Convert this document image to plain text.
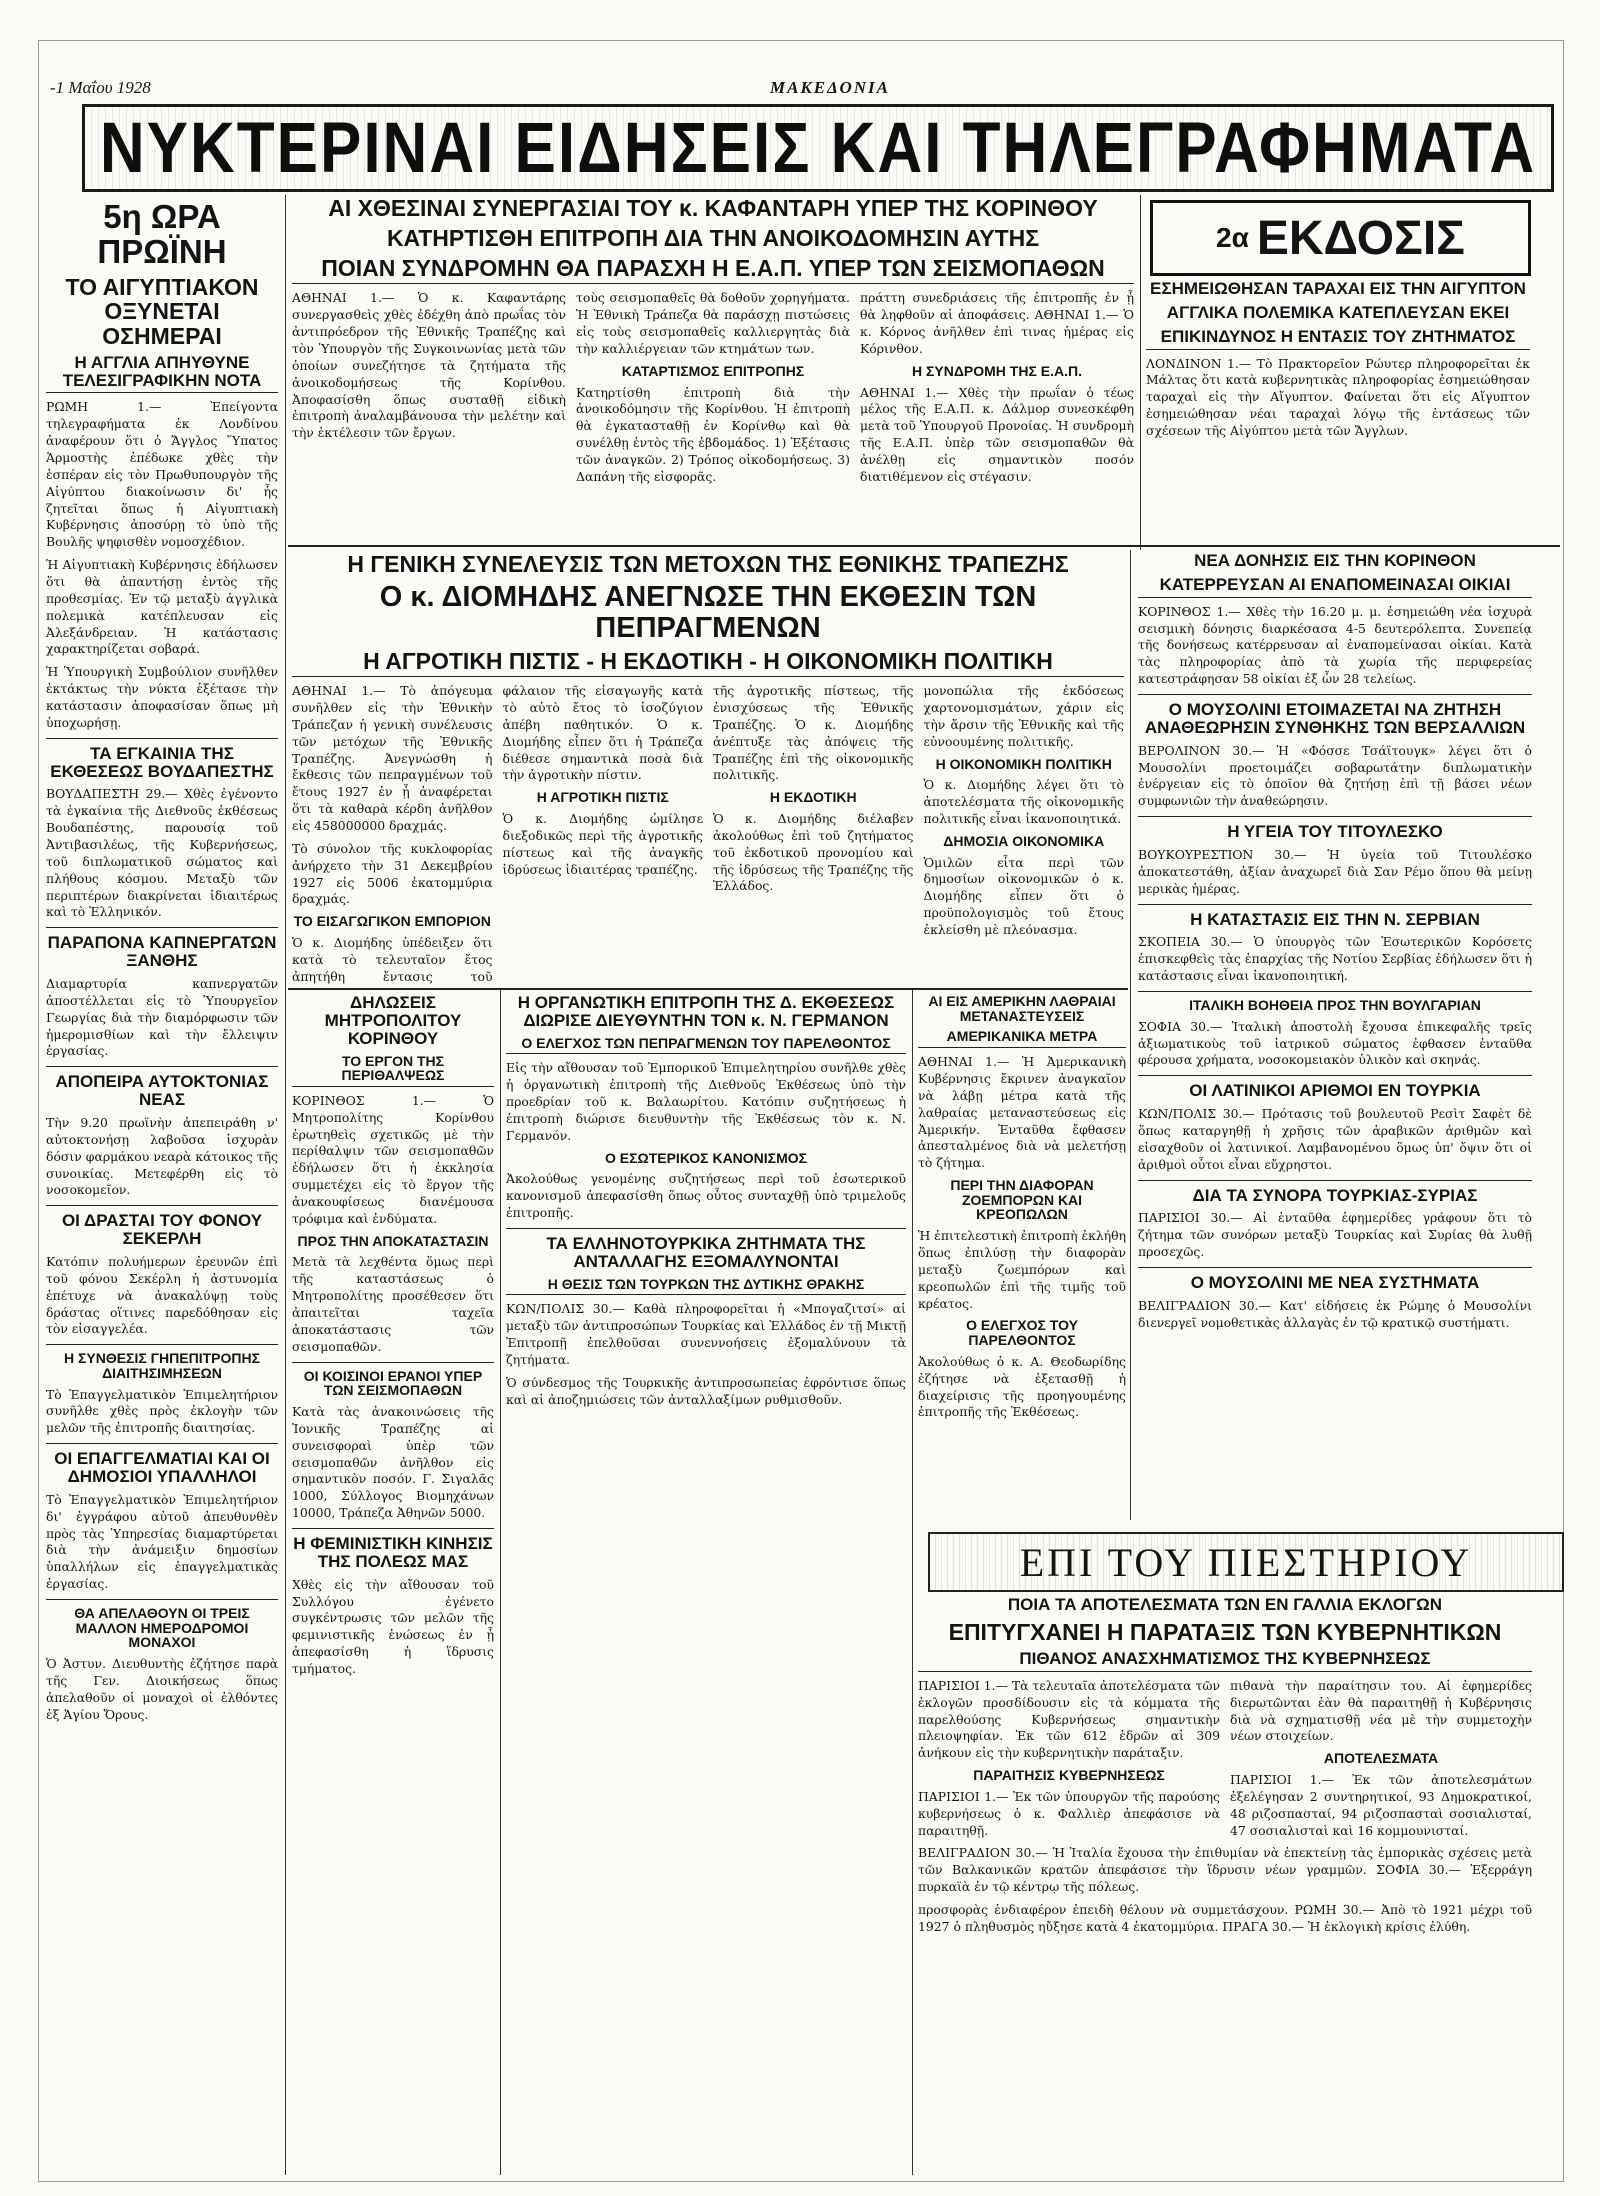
-1 Μαΐου 1928	ΜΑΚΕΔΟΝΙΑ
ΝΥΚΤΕΡΙΝΑΙ ΕΙΔΗΣΕΙΣ ΚΑΙ ΤΗΛΕΓΡΑΦΗΜΑΤΑ
5η ΩΡΑ ΠΡΩΪΝΗ
ΤΟ ΑΙΓΥΠΤΙΑΚΟΝ ΟΞΥΝΕΤΑΙ ΟΣΗΜΕΡΑΙ
Η ΑΓΓΛΙΑ ΑΠΗΥΘΥΝΕ ΤΕΛΕΣΙΓΡΑΦΙΚΗΝ ΝΟΤΑ

ΡΩΜΗ 1.— Ἐπείγοντα τηλεγραφήματα ἐκ Λονδίνου ἀναφέρουν ὅτι ὁ Ἄγγλος Ὕπατος Ἁρμοστὴς ἐπέδωκε χθὲς τὴν ἑσπέραν εἰς τὸν Πρωθυπουργὸν τῆς Αἰγύπτου διακοίνωσιν δι' ἧς ζητεῖται ὅπως ἡ Αἰγυπτιακὴ Κυβέρνησις ἀποσύρῃ τὸ ὑπὸ τῆς Βουλῆς ψηφισθὲν νομοσχέδιον.

Ἡ Αἰγυπτιακὴ Κυβέρνησις ἐδήλωσεν ὅτι θὰ ἀπαντήσῃ ἐντὸς τῆς προθεσμίας. Ἐν τῷ μεταξὺ ἀγγλικὰ πολεμικὰ κατέπλευσαν εἰς Ἀλεξάνδρειαν. Ἡ κατάστασις χαρακτηρίζεται σοβαρά.

Ἡ Ὑπουργικὴ Συμβούλιον συνῆλθεν ἐκτάκτως τὴν νύκτα ἐξέτασε τὴν κατάστασιν ἀποφασίσαν ὅπως μὴ ὑποχωρήσῃ.

ΤΑ ΕΓΚΑΙΝΙΑ ΤΗΣ ΕΚΘΕΣΕΩΣ ΒΟΥΔΑΠΕΣΤΗΣ

ΒΟΥΔΑΠΕΣΤΗ 29.— Χθὲς ἐγένοντο τὰ ἐγκαίνια τῆς Διεθνοῦς ἐκθέσεως Βουδαπέστης, παρουσίᾳ τοῦ Ἀντιβασιλέως, τῆς Κυβερνήσεως, τοῦ διπλωματικοῦ σώματος καὶ πλήθους κόσμου. Μεταξὺ τῶν περιπτέρων διακρίνεται ἰδιαιτέρως καὶ τὸ Ἑλληνικόν.

ΠΑΡΑΠΟΝΑ ΚΑΠΝΕΡΓΑΤΩΝ ΞΑΝΘΗΣ

Διαμαρτυρία καπνεργατῶν ἀποστέλλεται εἰς τὸ Ὑπουργεῖον Γεωργίας διὰ τὴν διαμόρφωσιν τῶν ἡμερομισθίων καὶ τὴν ἔλλειψιν ἐργασίας.

ΑΠΟΠΕΙΡΑ ΑΥΤΟΚΤΟΝΙΑΣ ΝΕΑΣ

Τὴν 9.20 πρωϊνὴν ἀπεπειράθη ν' αὐτοκτονήσῃ λαβοῦσα ἰσχυρὰν δόσιν φαρμάκου νεαρὰ κάτοικος τῆς συνοικίας. Μετεφέρθη εἰς τὸ νοσοκομεῖον.

ΟΙ ΔΡΑΣΤΑΙ ΤΟΥ ΦΟΝΟΥ ΣΕΚΕΡΛΗ

Κατόπιν πολυήμερων ἐρευνῶν ἐπὶ τοῦ φόνου Σεκέρλη ἡ ἀστυνομία ἐπέτυχε νὰ ἀνακαλύψῃ τοὺς δράστας οἵτινες παρεδόθησαν εἰς τὸν εἰσαγγελέα.

Η ΣΥΝΘΕΣΙΣ ΓΗΠΕΠΙΤΡΟΠΗΣ ΔΙΑΙΤΗΣΙΜΗΣΕΩΝ

Τὸ Ἐπαγγελματικὸν Ἐπιμελητήριον συνῆλθε χθὲς πρὸς ἐκλογὴν τῶν μελῶν τῆς ἐπιτροπῆς διαιτησίας.

ΟΙ ΕΠΑΓΓΕΛΜΑΤΙΑΙ ΚΑΙ ΟΙ ΔΗΜΟΣΙΟΙ ΥΠΑΛΛΗΛΟΙ

Τὸ Ἐπαγγελματικὸν Ἐπιμελητήριον δι' ἐγγράφου αὐτοῦ ἀπευθυνθὲν πρὸς τὰς Ὑπηρεσίας διαμαρτύρεται διὰ τὴν ἀνάμειξιν δημοσίων ὑπαλλήλων εἰς ἐπαγγελματικὰς ἐργασίας.

ΘΑ ΑΠΕΛΑΘΟΥΝ ΟΙ ΤΡΕΙΣ ΜΑΛΛΟΝ ΗΜΕΡΟΔΡΟΜΟΙ ΜΟΝΑΧΟΙ

Ὁ Ἀστυν. Διευθυντὴς ἐζήτησε παρὰ τῆς Γεν. Διοικήσεως ὅπως ἀπελαθοῦν οἱ μοναχοὶ οἱ ἐλθόντες ἐξ Ἁγίου Ὄρους.

ΑΙ ΧΘΕΣΙΝΑΙ ΣΥΝΕΡΓΑΣΙΑΙ ΤΟΥ κ. ΚΑΦΑΝΤΑΡΗ ΥΠΕΡ ΤΗΣ ΚΟΡΙΝΘΟΥ
ΚΑΤΗΡΤΙΣΘΗ ΕΠΙΤΡΟΠΗ ΔΙΑ ΤΗΝ ΑΝΟΙΚΟΔΟΜΗΣΙΝ ΑΥΤΗΣ
ΠΟΙΑΝ ΣΥΝΔΡΟΜΗΝ ΘΑ ΠΑΡΑΣΧΗ Η Ε.Α.Π. ΥΠΕΡ ΤΩΝ ΣΕΙΣΜΟΠΑΘΩΝ

ΑΘΗΝΑΙ 1.— Ὁ κ. Καφαντάρης συνεργασθεὶς χθὲς ἐδέχθη ἀπὸ πρωΐας τὸν ἀντιπρόεδρον τῆς Ἐθνικῆς Τραπέζης καὶ τὸν Ὑπουργὸν τῆς Συγκοινωνίας μετὰ τῶν ὁποίων συνεζήτησε τὰ ζητήματα τῆς ἀνοικοδομήσεως τῆς Κορίνθου. Ἀποφασίσθη ὅπως συσταθῇ εἰδικὴ ἐπιτροπὴ ἀναλαμβάνουσα τὴν μελέτην καὶ τὴν ἐκτέλεσιν τῶν ἔργων.

τοὺς σεισμοπαθεῖς θὰ δοθοῦν χορηγήματα. Ἡ Ἐθνικὴ Τράπεζα θὰ παράσχῃ πιστώσεις εἰς τοὺς σεισμοπαθεῖς καλλιεργητὰς διὰ τὴν καλλιέργειαν τῶν κτημάτων των.

ΚΑΤΑΡΤΙΣΜΟΣ ΕΠΙΤΡΟΠΗΣ

Κατηρτίσθη ἐπιτροπὴ διὰ τὴν ἀνοικοδόμησιν τῆς Κορίνθου. Ἡ ἐπιτροπὴ θὰ ἐγκατασταθῇ ἐν Κορίνθῳ καὶ θὰ συνέλθῃ ἐντὸς τῆς ἑβδομάδος. 1) Ἐξέτασις τῶν ἀναγκῶν. 2) Τρόπος οἰκοδομήσεως. 3) Δαπάνη τῆς εἰσφορᾶς.

πράττη συνεδριάσεις τῆς ἐπιτροπῆς ἐν ᾗ θὰ ληφθοῦν αἱ ἀποφάσεις. ΑΘΗΝΑΙ 1.— Ὁ κ. Κόρνος ἀνῆλθεν ἐπὶ τινας ἡμέρας εἰς Κόρινθον.

Η ΣΥΝΔΡΟΜΗ ΤΗΣ Ε.Α.Π.

ΑΘΗΝΑΙ 1.— Χθὲς τὴν πρωΐαν ὁ τέως μέλος τῆς Ε.Α.Π. κ. Δάλμορ συνεσκέφθη μετὰ τοῦ Ὑπουργοῦ Προνοίας. Ἡ συνδρομὴ τῆς Ε.Α.Π. ὑπὲρ τῶν σεισμοπαθῶν θὰ ἀνέλθῃ εἰς σημαντικὸν ποσόν διατιθέμενον εἰς στέγασιν.

2α ΕΚΔΟΣΙΣ
ΕΣΗΜΕΙΩΘΗΣΑΝ ΤΑΡΑΧΑΙ ΕΙΣ ΤΗΝ ΑΙΓΥΠΤΟΝ
ΑΓΓΛΙΚΑ ΠΟΛΕΜΙΚΑ ΚΑΤΕΠΛΕΥΣΑΝ ΕΚΕΙ
ΕΠΙΚΙΝΔΥΝΟΣ Η ΕΝΤΑΣΙΣ ΤΟΥ ΖΗΤΗΜΑΤΟΣ

ΛΟΝΔΙΝΟΝ 1.— Τὸ Πρακτορεῖον Ρώυτερ πληροφορεῖται ἐκ Μάλτας ὅτι κατὰ κυβερνητικὰς πληροφορίας ἐσημειώθησαν ταραχαὶ εἰς τὴν Αἴγυπτον. Φαίνεται ὅτι εἰς Αἴγυπτον ἐσημειώθησαν νέαι ταραχαὶ λόγῳ τῆς ἐντάσεως τῶν σχέσεων τῆς Αἰγύπτου μετὰ τῶν Ἄγγλων.

Η ΓΕΝΙΚΗ ΣΥΝΕΛΕΥΣΙΣ ΤΩΝ ΜΕΤΟΧΩΝ ΤΗΣ ΕΘΝΙΚΗΣ ΤΡΑΠΕΖΗΣ
Ο κ. ΔΙΟΜΗΔΗΣ ΑΝΕΓΝΩΣΕ ΤΗΝ ΕΚΘΕΣΙΝ ΤΩΝ ΠΕΠΡΑΓΜΕΝΩΝ
Η ΑΓΡΟΤΙΚΗ ΠΙΣΤΙΣ - Η ΕΚΔΟΤΙΚΗ - Η ΟΙΚΟΝΟΜΙΚΗ ΠΟΛΙΤΙΚΗ

ΑΘΗΝΑΙ 1.— Τὸ ἀπόγευμα συνῆλθεν εἰς τὴν Ἐθνικὴν Τράπεζαν ἡ γενικὴ συνέλευσις τῶν μετόχων τῆς Ἐθνικῆς Τραπέζης. Ἀνεγνώσθη ἡ ἔκθεσις τῶν πεπραγμένων τοῦ ἔτους 1927 ἐν ᾗ ἀναφέρεται ὅτι τὰ καθαρὰ κέρδη ἀνῆλθον εἰς 458000000 δραχμάς.

Τὸ σύνολον τῆς κυκλοφορίας ἀνήρχετο τὴν 31 Δεκεμβρίου 1927 εἰς 5006 ἑκατομμύρια δραχμάς.

ΤΟ ΕΙΣΑΓΩΓΙΚΟΝ ΕΜΠΟΡΙΟΝ

Ὁ κ. Διομήδης ὑπέδειξεν ὅτι κατὰ τὸ τελευταῖον ἔτος ἀπητήθη ἔντασις τοῦ

φάλαιον τῆς εἰσαγωγῆς κατὰ τὸ αὐτὸ ἔτος τὸ ἰσοζύγιον ἀπέβη παθητικόν. Ὁ κ. Διομήδης εἶπεν ὅτι ἡ Τράπεζα διέθεσε σημαντικὰ ποσὰ διὰ τὴν ἀγροτικὴν πίστιν.

Η ΑΓΡΟΤΙΚΗ ΠΙΣΤΙΣ

Ὁ κ. Διομήδης ὡμίλησε διεξοδικῶς περὶ τῆς ἀγροτικῆς πίστεως καὶ τῆς ἀναγκῆς ἱδρύσεως ἰδιαιτέρας τραπέζης.

τῆς ἀγροτικῆς πίστεως, τῆς ἐνισχύσεως τῆς Ἐθνικῆς Τραπέζης. Ὁ κ. Διομήδης ἀνέπτυξε τὰς ἀπόψεις τῆς Τραπέζης ἐπὶ τῆς οἰκονομικῆς πολιτικῆς.

Η ΕΚΔΟΤΙΚΗ

Ὁ κ. Διομήδης διέλαβεν ἀκολούθως ἐπὶ τοῦ ζητήματος τοῦ ἐκδοτικοῦ προνομίου καὶ τῆς ἱδρύσεως τῆς Τραπέζης τῆς Ἑλλάδος.

μονοπώλια τῆς ἐκδόσεως χαρτονομισμάτων, χάριν εἰς τὴν ἄρσιν τῆς Ἐθνικῆς καὶ τῆς εὐνοουμένης πολιτικῆς.

Η ΟΙΚΟΝΟΜΙΚΗ ΠΟΛΙΤΙΚΗ

Ὁ κ. Διομήδης λέγει ὅτι τὸ ἀποτελέσματα τῆς οἰκονομικῆς πολιτικῆς εἶναι ἱκανοποιητικά.

ΔΗΜΟΣΙΑ ΟΙΚΟΝΟΜΙΚΑ

Ὁμιλῶν εἶτα περὶ τῶν δημοσίων οἰκονομικῶν ὁ κ. Διομήδης εἶπεν ὅτι ὁ προϋπολογισμὸς τοῦ ἔτους ἐκλείσθη μὲ πλεόνασμα.

ΝΕΑ ΔΟΝΗΣΙΣ ΕΙΣ ΤΗΝ ΚΟΡΙΝΘΟΝ
ΚΑΤΕΡΡΕΥΣΑΝ ΑΙ ΕΝΑΠΟΜΕΙΝΑΣΑΙ ΟΙΚΙΑΙ

ΚΟΡΙΝΘΟΣ 1.— Χθὲς τὴν 16.20 μ. μ. ἐσημειώθη νέα ἰσχυρὰ σεισμικὴ δόνησις διαρκέσασα 4-5 δευτερόλεπτα. Συνεπείᾳ τῆς δονήσεως κατέρρευσαν αἱ ἐναπομείνασαι οἰκίαι. Κατὰ τὰς πληροφορίας ἀπὸ τὰ χωρία τῆς περιφερείας κατεστράφησαν 58 οἰκίαι ἐξ ὧν 28 τελείως.

Ο ΜΟΥΣΟΛΙΝΙ ΕΤΟΙΜΑΖΕΤΑΙ ΝΑ ΖΗΤΗΣΗ ΑΝΑΘΕΩΡΗΣΙΝ ΣΥΝΘΗΚΗΣ ΤΩΝ ΒΕΡΣΑΛΛΙΩΝ

ΒΕΡΟΛΙΝΟΝ 30.— Ἡ «Φόσσε Τσάϊτουγκ» λέγει ὅτι ὁ Μουσολίνι προετοιμάζει σοβαρωτάτην διπλωματικὴν ἐνέργειαν εἰς τὸ ὁποῖον θὰ ζητήσῃ ἐπὶ τῇ βάσει νέων συμφωνιῶν τὴν ἀναθεώρησιν.

Η ΥΓΕΙΑ ΤΟΥ ΤΙΤΟΥΛΕΣΚΟ

ΒΟΥΚΟΥΡΕΣΤΙΟΝ 30.— Ἡ ὑγεία τοῦ Τιτουλέσκο ἀποκατεστάθη, ἀξίαν ἀναχωρεῖ διὰ Σαν Ρέμο ὅπου θὰ μείνῃ μερικὰς ἡμέρας.

Η ΚΑΤΑΣΤΑΣΙΣ ΕΙΣ ΤΗΝ Ν. ΣΕΡΒΙΑΝ

ΣΚΟΠΕΙΑ 30.— Ὁ ὑπουργὸς τῶν Ἐσωτερικῶν Κορόσετς ἐπισκεφθεὶς τὰς ἐπαρχίας τῆς Νοτίου Σερβίας ἐδήλωσεν ὅτι ἡ κατάστασις εἶναι ἱκανοποιητική.

ΙΤΑΛΙΚΗ ΒΟΗΘΕΙΑ ΠΡΟΣ ΤΗΝ ΒΟΥΛΓΑΡΙΑΝ

ΣΟΦΙΑ 30.— Ἰταλικὴ ἀποστολὴ ἔχουσα ἐπικεφαλῆς τρεῖς ἀξιωματικοὺς τοῦ ἰατρικοῦ σώματος ἐφθασεν ἐνταῦθα φέρουσα χρήματα, νοσοκομειακὸν ὑλικὸν καὶ σκηνάς.

ΟΙ ΛΑΤΙΝΙΚΟΙ ΑΡΙΘΜΟΙ ΕΝ ΤΟΥΡΚΙΑ

ΚΩΝ/ΠΟΛΙΣ 30.— Πρότασις τοῦ βουλευτοῦ Ρεσὶτ Σαφὲτ δὲ ὅπως καταργηθῇ ἡ χρῆσις τῶν ἀραβικῶν ἀριθμῶν καὶ εἰσαχθοῦν οἱ λατινικοί. Λαμβανομένου ὅμως ὑπ' ὄψιν ὅτι οἱ ἀριθμοὶ οὗτοι εἶναι εὔχρηστοι.

ΔΙΑ ΤΑ ΣΥΝΟΡΑ ΤΟΥΡΚΙΑΣ-ΣΥΡΙΑΣ

ΠΑΡΙΣΙΟΙ 30.— Αἱ ἐνταῦθα ἐφημερίδες γράφουν ὅτι τὸ ζήτημα τῶν συνόρων μεταξὺ Τουρκίας καὶ Συρίας θὰ λυθῇ προσεχῶς.

Ο ΜΟΥΣΟΛΙΝΙ ΜΕ ΝΕΑ ΣΥΣΤΗΜΑΤΑ

ΒΕΛΙΓΡΑΔΙΟΝ 30.— Κατ' εἰδήσεις ἐκ Ρώμης ὁ Μουσολίνι διενεργεῖ νομοθετικὰς ἀλλαγὰς ἐν τῷ κρατικῷ συστήματι.

ΔΗΛΩΣΕΙΣ ΜΗΤΡΟΠΟΛΙΤΟΥ ΚΟΡΙΝΘΟΥ
ΤΟ ΕΡΓΟΝ ΤΗΣ ΠΕΡΙΘΑΛΨΕΩΣ

ΚΟΡΙΝΘΟΣ 1.— Ὁ Μητροπολίτης Κορίνθου ἐρωτηθεὶς σχετικῶς μὲ τὴν περίθαλψιν τῶν σεισμοπαθῶν ἐδήλωσεν ὅτι ἡ ἐκκλησία συμμετέχει εἰς τὸ ἔργον τῆς ἀνακουφίσεως διανέμουσα τρόφιμα καὶ ἐνδύματα.

ΠΡΟΣ ΤΗΝ ΑΠΟΚΑΤΑΣΤΑΣΙΝ

Μετὰ τὰ λεχθέντα ὅμως περὶ τῆς καταστάσεως ὁ Μητροπολίτης προσέθεσεν ὅτι ἀπαιτεῖται ταχεῖα ἀποκατάστασις τῶν σεισμοπαθῶν.

ΟΙ ΚΟΙΣΙΝΟΙ ΕΡΑΝΟΙ ΥΠΕΡ ΤΩΝ ΣΕΙΣΜΟΠΑΘΩΝ

Κατὰ τὰς ἀνακοινώσεις τῆς Ἰονικῆς Τραπέζης αἱ συνεισφοραὶ ὑπὲρ τῶν σεισμοπαθῶν ἀνῆλθον εἰς σημαντικὸν ποσόν. Γ. Σιγαλᾶς 1000, Σύλλογος Βιομηχάνων 10000, Τράπεζα Ἀθηνῶν 5000.

Η ΦΕΜΙΝΙΣΤΙΚΗ ΚΙΝΗΣΙΣ ΤΗΣ ΠΟΛΕΩΣ ΜΑΣ

Χθὲς εἰς τὴν αἴθουσαν τοῦ Συλλόγου ἐγένετο συγκέντρωσις τῶν μελῶν τῆς φεμινιστικῆς ἑνώσεως ἐν ᾗ ἀπεφασίσθη ἡ ἵδρυσις τμήματος.

Η ΟΡΓΑΝΩΤΙΚΗ ΕΠΙΤΡΟΠΗ ΤΗΣ Δ. ΕΚΘΕΣΕΩΣ ΔΙΩΡΙΣΕ ΔΙΕΥΘΥΝΤΗΝ ΤΟΝ κ. Ν. ΓΕΡΜΑΝΟΝ
Ο ΕΛΕΓΧΟΣ ΤΩΝ ΠΕΠΡΑΓΜΕΝΩΝ ΤΟΥ ΠΑΡΕΛΘΟΝΤΟΣ

Εἰς τὴν αἴθουσαν τοῦ Ἐμπορικοῦ Ἐπιμελητηρίου συνῆλθε χθὲς ἡ ὀργανωτικὴ ἐπιτροπὴ τῆς Διεθνοῦς Ἐκθέσεως ὑπὸ τὴν προεδρίαν τοῦ κ. Βαλαωρίτου. Κατόπιν συζητήσεως ἡ ἐπιτροπὴ διώρισε διευθυντὴν τῆς Ἐκθέσεως τὸν κ. Ν. Γερμανόν.

Ο ΕΣΩΤΕΡΙΚΟΣ ΚΑΝΟΝΙΣΜΟΣ

Ἀκολούθως γενομένης συζητήσεως περὶ τοῦ ἐσωτερικοῦ κανονισμοῦ ἀπεφασίσθη ὅπως οὗτος συνταχθῇ ὑπὸ τριμελοῦς ἐπιτροπῆς.

ΤΑ ΕΛΛΗΝΟΤΟΥΡΚΙΚΑ ΖΗΤΗΜΑΤΑ ΤΗΣ ΑΝΤΑΛΛΑΓΗΣ ΕΞΟΜΑΛΥΝΟΝΤΑΙ
Η ΘΕΣΙΣ ΤΩΝ ΤΟΥΡΚΩΝ ΤΗΣ ΔΥΤΙΚΗΣ ΘΡΑΚΗΣ

ΚΩΝ/ΠΟΛΙΣ 30.— Καθὰ πληροφορεῖται ἡ «Μπογαζιτσί» αἱ μεταξὺ τῶν ἀντιπροσώπων Τουρκίας καὶ Ἑλλάδος ἐν τῇ Μικτῇ Ἐπιτροπῇ ἐπελθοῦσαι συνεννοήσεις ἐξομαλύνουν τὰ ζητήματα.

Ὁ σύνδεσμος τῆς Τουρκικῆς ἀντιπροσωπείας ἐφρόντισε ὅπως καὶ αἱ ἀποζημιώσεις τῶν ἀνταλλαξίμων ρυθμισθοῦν.

ΑΙ ΕΙΣ ΑΜΕΡΙΚΗΝ ΛΑΘΡΑΙΑΙ ΜΕΤΑΝΑΣΤΕΥΣΕΙΣ
ΑΜΕΡΙΚΑΝΙΚΑ ΜΕΤΡΑ

ΑΘΗΝΑΙ 1.— Ἡ Ἀμερικανικὴ Κυβέρνησις ἔκρινεν ἀναγκαῖον νὰ λάβῃ μέτρα κατὰ τῆς λαθραίας μεταναστεύσεως εἰς Ἀμερικήν. Ἐνταῦθα ἔφθασεν ἀπεσταλμένος διὰ νὰ μελετήσῃ τὸ ζήτημα.

ΠΕΡΙ ΤΗΝ ΔΙΑΦΟΡΑΝ ΖΟΕΜΠΟΡΩΝ ΚΑΙ ΚΡΕΟΠΩΛΩΝ

Ἡ ἐπιτελεστικὴ ἐπιτροπὴ ἐκλήθη ὅπως ἐπιλύσῃ τὴν διαφορὰν μεταξὺ ζωεμπόρων καὶ κρεοπωλῶν ἐπὶ τῆς τιμῆς τοῦ κρέατος.

Ο ΕΛΕΓΧΟΣ ΤΟΥ ΠΑΡΕΛΘΟΝΤΟΣ

Ἀκολούθως ὁ κ. Α. Θεοδωρίδης ἐζήτησε νὰ ἐξετασθῇ ἡ διαχείρισις τῆς προηγουμένης ἐπιτροπῆς τῆς Ἐκθέσεως.

ΕΠΙ ΤΟΥ ΠΙΕΣΤΗΡΙΟΥ
ΠΟΙΑ ΤΑ ΑΠΟΤΕΛΕΣΜΑΤΑ ΤΩΝ ΕΝ ΓΑΛΛΙΑ ΕΚΛΟΓΩΝ
ΕΠΙΤΥΓΧΑΝΕΙ Η ΠΑΡΑΤΑΞΙΣ ΤΩΝ ΚΥΒΕΡΝΗΤΙΚΩΝ
ΠΙΘΑΝΟΣ ΑΝΑΣΧΗΜΑΤΙΣΜΟΣ ΤΗΣ ΚΥΒΕΡΝΗΣΕΩΣ

ΠΑΡΙΣΙΟΙ 1.— Τὰ τελευταῖα ἀποτελέσματα τῶν ἐκλογῶν προσδίδουσιν εἰς τὰ κόμματα τῆς παρελθούσης Κυβερνήσεως σημαντικὴν πλειοψηφίαν. Ἐκ τῶν 612 ἑδρῶν αἱ 309 ἀνήκουν εἰς τὴν κυβερνητικὴν παράταξιν.

ΠΑΡΑΙΤΗΣΙΣ ΚΥΒΕΡΝΗΣΕΩΣ

ΠΑΡΙΣΙΟΙ 1.— Ἐκ τῶν ὑπουργῶν τῆς παρούσης κυβερνήσεως ὁ κ. Φαλλιὲρ ἀπεφάσισε νὰ παραιτηθῇ.

πιθανὰ τὴν παραίτησιν του. Αἱ ἐφημερίδες διερωτῶνται ἐὰν θὰ παραιτηθῇ ἡ Κυβέρνησις διὰ νὰ σχηματισθῇ νέα μὲ τὴν συμμετοχὴν νέων στοιχείων.

ΑΠΟΤΕΛΕΣΜΑΤΑ

ΠΑΡΙΣΙΟΙ 1.— Ἐκ τῶν ἀποτελεσμάτων ἐξελέγησαν 2 συντηρητικοί, 93 Δημοκρατικοί, 48 ριζοσπασταί, 94 ριζοσπασταὶ σοσιαλισταί, 47 σοσιαλισταὶ καὶ 16 κομμουνισταί.

ΒΕΛΙΓΡΑΔΙΟΝ 30.— Ἡ Ἰταλία ἔχουσα τὴν ἐπιθυμίαν νὰ ἐπεκτείνῃ τὰς ἐμπορικὰς σχέσεις μετὰ τῶν Βαλκανικῶν κρατῶν ἀπεφάσισε τὴν ἵδρυσιν νέων γραμμῶν. ΣΟΦΙΑ 30.— Ἐξερράγη πυρκαϊὰ ἐν τῷ κέντρῳ τῆς πόλεως.

προσφορὰς ἑνδιαφέρον ἐπειδὴ θέλουν νὰ συμμετάσχουν. ΡΩΜΗ 30.— Ἀπὸ τὸ 1921 μέχρι τοῦ 1927 ὁ πληθυσμὸς ηὔξησε κατὰ 4 ἑκατομμύρια. ΠΡΑΓΑ 30.— Ἡ ἐκλογικὴ κρίσις ἐλύθη.
